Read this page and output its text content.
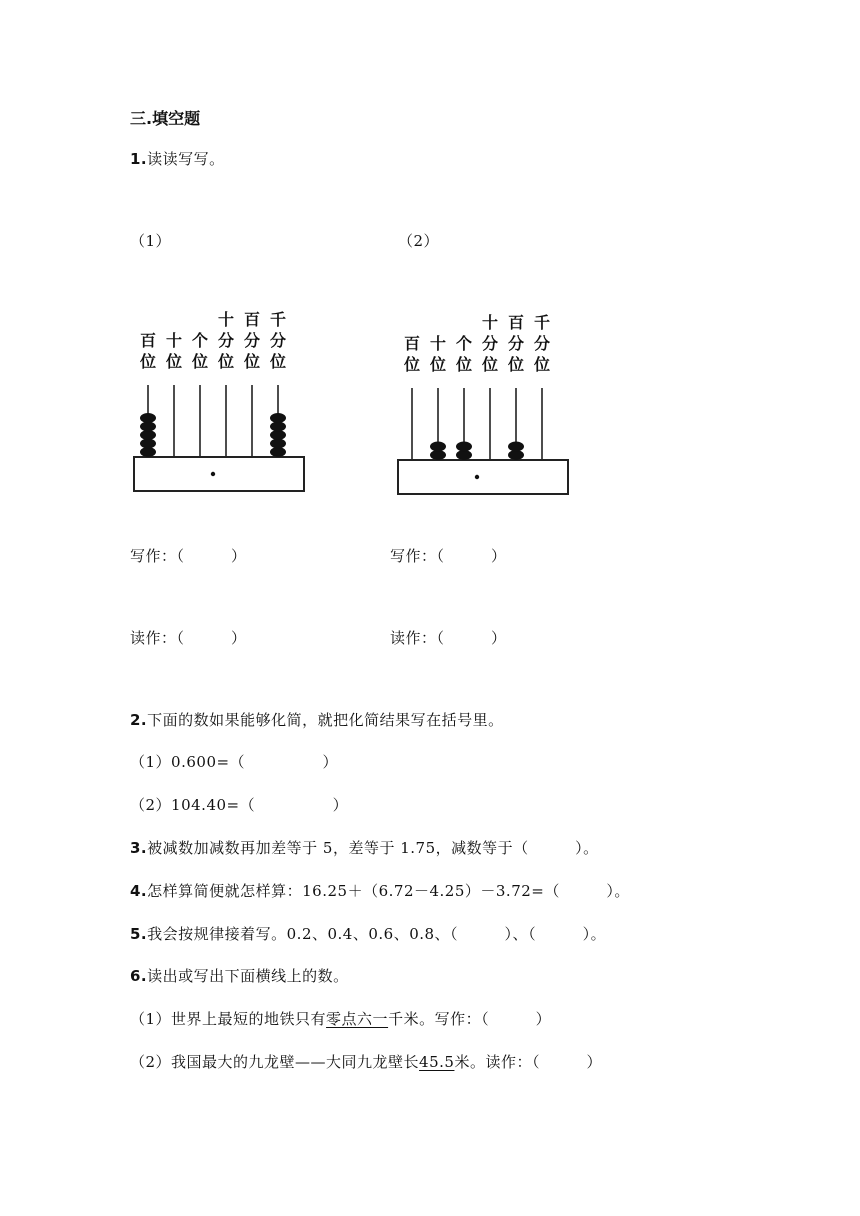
三.填空题
1.读读写写。
（1）	（2）
百
位
十
位
个
位
十
分
位
百
分
位
千
分
位
百
位
十
位
个
位
十
分
位
百
分
位
千
分
位
写作：（　　　）	写作：（　　　）
读作：（　　　）	读作：（　　　）
2.下面的数如果能够化简，就把化简结果写在括号里。
（1）0.600=（　　　　　）
（2）104.40=（　　　　　）
3.被减数加减数再加差等于 5，差等于 1.75，减数等于（　　　）。
4.怎样算简便就怎样算：16.25＋（6.72－4.25）－3.72=（　　　）。
5.我会按规律接着写。0.2、0.4、0.6、0.8、（　　　）、（　　　）。
6.读出或写出下面横线上的数。
（1）世界上最短的地铁只有零点六一千米。写作：（　　　）
（2）我国最大的九龙壁——大同九龙壁长45.5米。读作：（　　　）
